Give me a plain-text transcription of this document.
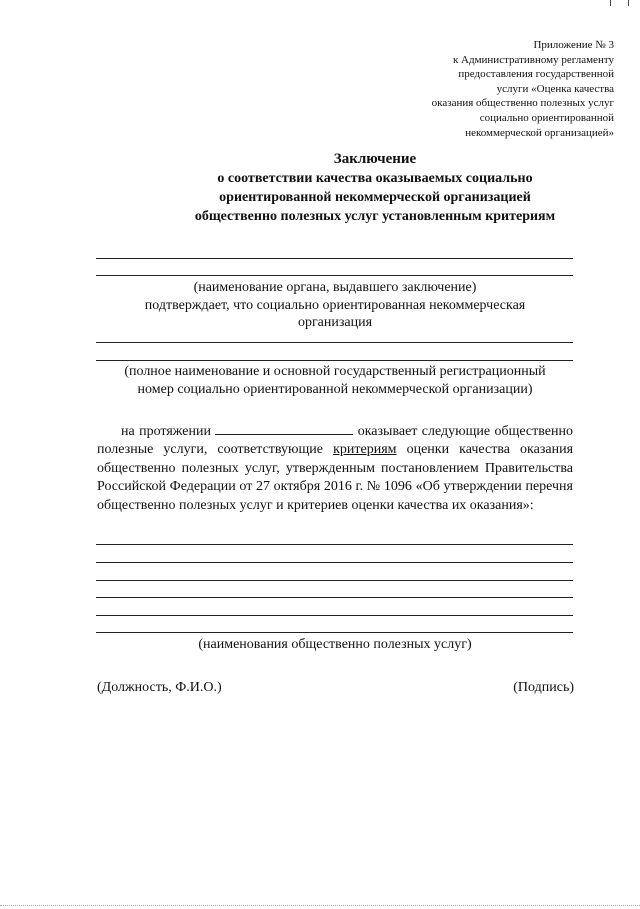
Приложение № 3
к Административному регламенту
предоставления государственной
услуги «Оценка качества
оказания общественно полезных услуг
социально ориентированной
некоммерческой организацией»
Заключение
о соответствии качества оказываемых социально
ориентированной некоммерческой организацией
общественно полезных услуг установленным критериям
(наименование органа, выдавшего заключение)
подтверждает, что социально ориентированная некоммерческая
организация
(полное наименование и основной государственный регистрационный
номер социально ориентированной некоммерческой организации)
на протяжении	оказывает следующие общественно полезные услуги, соответствующие критериям оценки качества оказания общественно полезных услуг, утвержденным постановлением Правительства Российской Федерации от 27 октября 2016 г. № 1096 «Об утверждении перечня общественно полезных услуг и критериев оценки качества их оказания»:
(наименования общественно полезных услуг)
(Должность, Ф.И.О.)	(Подпись)
